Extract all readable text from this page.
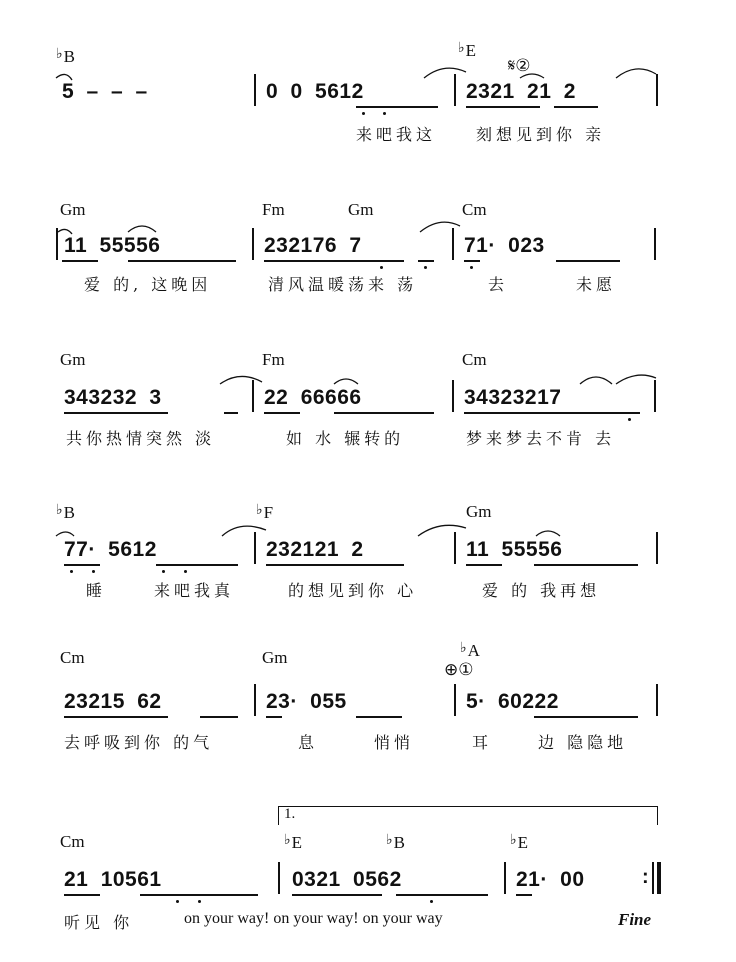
♭B	♭E
𝄋②
5 – – –	0 0 5612	2321 21 2
来吧我这 刻想见到你 亲
Gm	Fm	Gm	Cm
11 55556	232176 7	71· 023
爱 的, 这晚因	清风温暖荡来 荡	去	未愿
Gm	Fm	Cm
343232 3	22 66666	34323217
共你热情突然 淡	如 水 辗转的	梦来梦去不肯 去
♭B	♭F	Gm
77· 5612	232121 2	11 55556
睡	来吧我真	的想见到你 心	爱 的 我再想
Cm	Gm	♭A
⊕①
23215 62	23· 055	5· 60222
去呼吸到你 的气	息	悄悄	耳	边 隐隐地
1.
Cm	♭E	♭B	♭E
21 10561	0321 0562	21· 00	:
听见 你	on your way! on your way! on your way	Fine
